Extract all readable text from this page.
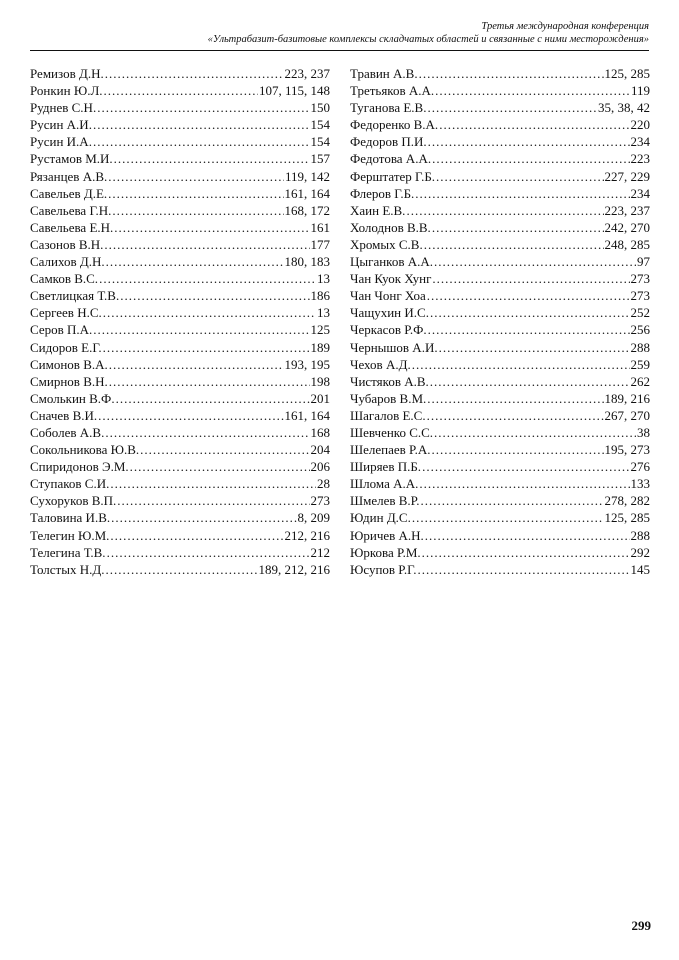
Третья международная конференция
«Ультрабазит-базитовые комплексы складчатых областей и связанные с ними месторождения»
Ремизов Д.Н. .....	223, 237
Ронкин Ю.Л. .....	107, 115, 148
Руднев С.Н. .....	150
Русин А.И. .....	154
Русин И.А. .....	154
Рустамов М.И. .....	157
Рязанцев А.В. .....	119, 142
Савельев Д.Е. .....	161, 164
Савельева Г.Н. .....	168, 172
Савельева Е.Н. .....	161
Сазонов В.Н. .....	177
Салихов Д.Н. .....	180, 183
Самков В.С. .....	13
Светлицкая Т.В. .....	186
Сергеев Н.С. .....	13
Серов П.А. .....	125
Сидоров Е.Г. .....	189
Симонов В.А. .....	193, 195
Смирнов В.Н. .....	198
Смолькин В.Ф. .....	201
Сначев В.И. .....	161, 164
Соболев А.В. .....	168
Сокольникова Ю.В. .....	204
Спиридонов Э.М. .....	206
Ступаков С.И. .....	28
Сухоруков В.П. .....	273
Таловина И.В. .....	8, 209
Телегин Ю.М. .....	212, 216
Телегина Т.В. .....	212
Толстых Н.Д. .....	189, 212, 216
Травин А.В. .....	125, 285
Третьяков А.А. .....	119
Туганова Е.В. .....	35, 38, 42
Федоренко В.А. .....	220
Федоров П.И. .....	234
Федотова А.А. .....	223
Ферштатер Г.Б. .....	227, 229
Флеров Г.Б. .....	234
Хаин Е.В. .....	223, 237
Холоднов В.В. .....	242, 270
Хромых С.В. .....	248, 285
Цыганков А.А. .....	97
Чан Куок Хунг .....	273
Чан Чонг Хоа .....	273
Чащухин И.С. .....	252
Черкасов Р.Ф. .....	256
Чернышов А.И. .....	288
Чехов А.Д. .....	259
Чистяков А.В. .....	262
Чубаров В.М. .....	189, 216
Шагалов Е.С. .....	267, 270
Шевченко С.С. .....	38
Шелепаев Р.А. .....	195, 273
Ширяев П.Б. .....	276
Шломa А.А. .....	133
Шмелев В.Р. .....	278, 282
Юдин Д.С. .....	125, 285
Юричев А.Н. .....	288
Юркова Р.М. .....	292
Юсупов Р.Г. .....	145
299
